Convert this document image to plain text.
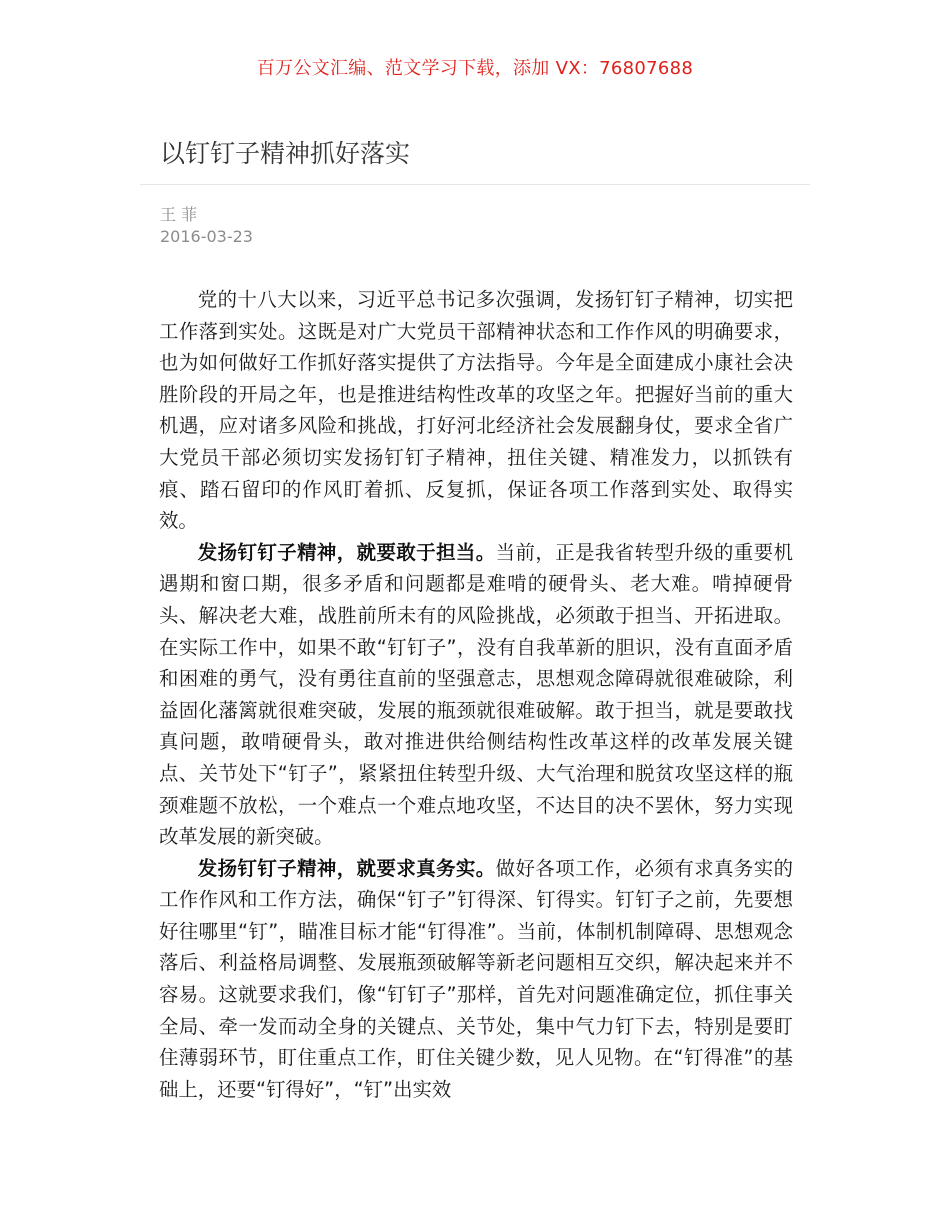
百万公文汇编、范文学习下载，添加 VX：76807688
以钉钉子精神抓好落实
王 菲
2016-03-23

党的十八大以来，习近平总书记多次强调，发扬钉钉子精神，切实把工作落到实处。这既是对广大党员干部精神状态和工作作风的明确要求，也为如何做好工作抓好落实提供了方法指导。今年是全面建成小康社会决胜阶段的开局之年，也是推进结构性改革的攻坚之年。把握好当前的重大机遇，应对诸多风险和挑战，打好河北经济社会发展翻身仗，要求全省广大党员干部必须切实发扬钉钉子精神，扭住关键、精准发力，以抓铁有痕、踏石留印的作风盯着抓、反复抓，保证各项工作落到实处、取得实效。

发扬钉钉子精神，就要敢于担当。当前，正是我省转型升级的重要机遇期和窗口期，很多矛盾和问题都是难啃的硬骨头、老大难。啃掉硬骨头、解决老大难，战胜前所未有的风险挑战，必须敢于担当、开拓进取。在实际工作中，如果不敢“钉钉子”，没有自我革新的胆识，没有直面矛盾和困难的勇气，没有勇往直前的坚强意志，思想观念障碍就很难破除，利益固化藩篱就很难突破，发展的瓶颈就很难破解。敢于担当，就是要敢找真问题，敢啃硬骨头，敢对推进供给侧结构性改革这样的改革发展关键点、关节处下“钉子”，紧紧扭住转型升级、大气治理和脱贫攻坚这样的瓶颈难题不放松，一个难点一个难点地攻坚，不达目的决不罢休，努力实现改革发展的新突破。

发扬钉钉子精神，就要求真务实。做好各项工作，必须有求真务实的工作作风和工作方法，确保“钉子”钉得深、钉得实。钉钉子之前，先要想好往哪里“钉”，瞄准目标才能“钉得准”。当前，体制机制障碍、思想观念落后、利益格局调整、发展瓶颈破解等新老问题相互交织，解决起来并不容易。这就要求我们，像“钉钉子”那样，首先对问题准确定位，抓住事关全局、牵一发而动全身的关键点、关节处，集中气力钉下去，特别是要盯住薄弱环节，盯住重点工作，盯住关键少数，见人见物。在“钉得准”的基础上，还要“钉得好”，“钉”出实效
